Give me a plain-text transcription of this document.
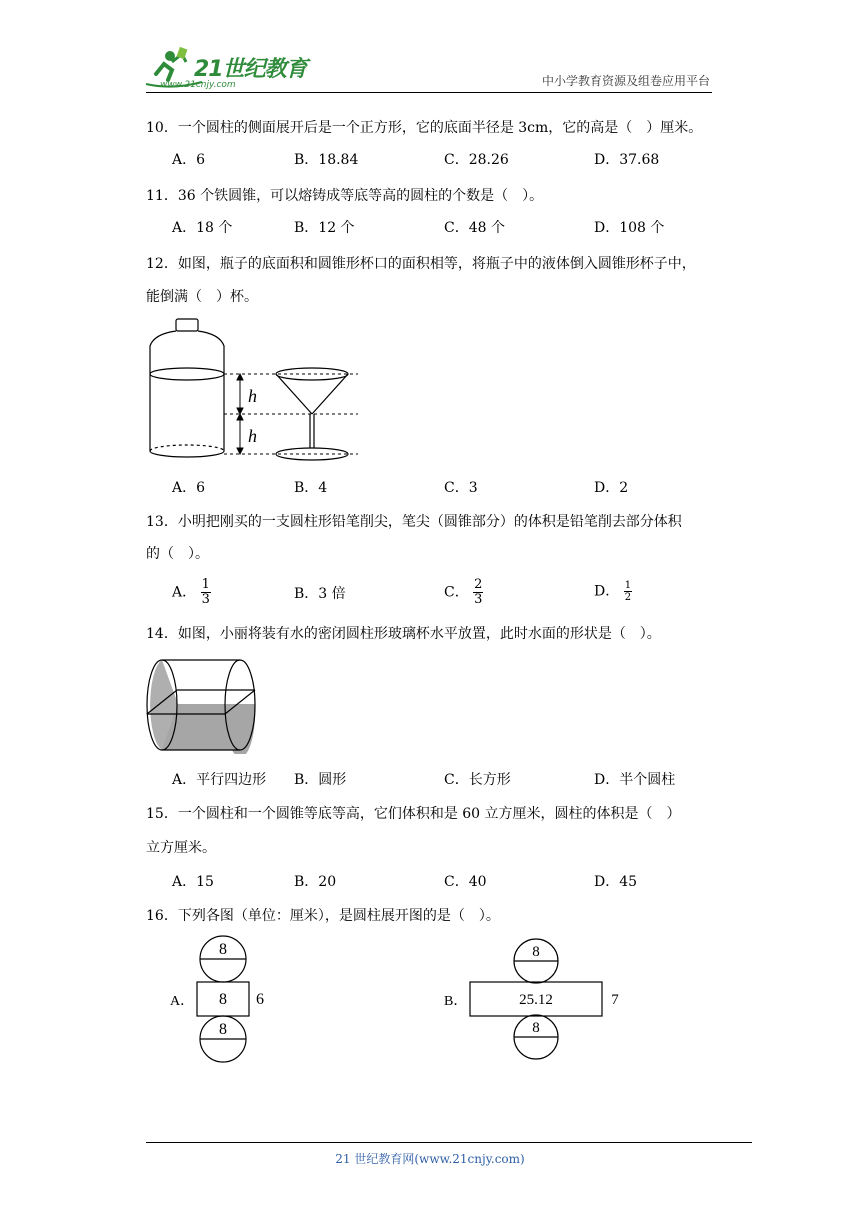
21世纪教育
www.21cnjy.com	中小学教育资源及组卷应用平台
10．一个圆柱的侧面展开后是一个正方形，它的底面半径是 3cm，它的高是（　）厘米。
A．6	B．18.84	C．28.26	D．37.68
11．36 个铁圆锥，可以熔铸成等底等高的圆柱的个数是（　）。
A．18 个	B．12 个	C．48 个	D．108 个
12．如图，瓶子的底面积和圆锥形杯口的面积相等，将瓶子中的液体倒入圆锥形杯子中，
能倒满（　）杯。
h
h
A．6	B．4	C．3	D．2
13．小明把刚买的一支圆柱形铅笔削尖，笔尖（圆锥部分）的体积是铅笔削去部分体积
的（　）。
A． $\frac{1}{3}$	B．3 倍	C． $\frac{2}{3}$	D． $\frac{1}{2}$
14．如图，小丽将装有水的密闭圆柱形玻璃杯水平放置，此时水面的形状是（　）。
A．平行四边形 B．圆形	C．长方形	D．半个圆柱
15．一个圆柱和一个圆锥等底等高，它们体积和是 60 立方厘米，圆柱的体积是（　）
立方厘米。
A．15	B．20	C．40	D．45
16．下列各图（单位：厘米），是圆柱展开图的是（　）。
8
8 6
8
A．
8
25.12	7
8
B．
21 世纪教育网(www.21cnjy.com)
